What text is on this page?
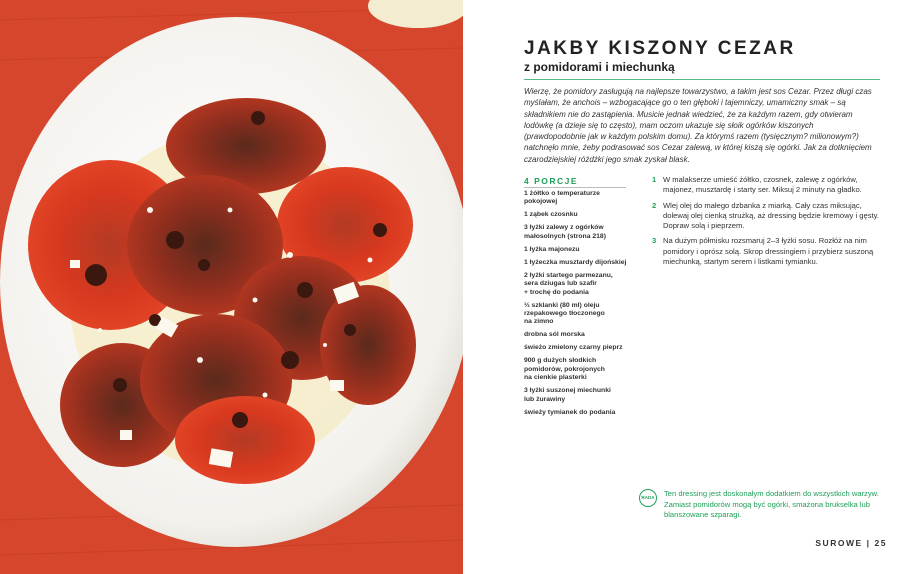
JAKBY KISZONY CEZAR
z pomidorami i miechunką

Wierzę, że pomidory zasługują na najlepsze towarzystwo, a takim jest sos Cezar. Przez długi czas myślałam, że anchois – wzbogacające go o ten głęboki i tajemniczy, umamiczny smak – są składnikiem nie do zastąpienia. Musicie jednak wiedzieć, że za każdym razem, gdy otwieram lodówkę (a dzieje się to często), mam oczom ukazuje się słoik ogórków kiszonych (prawdopodobnie jak w każdym polskim domu). Za którymś razem (tysięcznym? milionowym?) natchnęło mnie, żeby podrasować sos Cezar zalewą, w której kiszą się ogórki. Jak za dotknięciem czarodziejskiej różdżki jego smak zyskał blask.

4 PORCJE
1 żółtko o temperaturze
pokojowej
1 ząbek czosnku
3 łyżki zalewy z ogórków
małosolnych (strona 218)
1 łyżka majonezu
1 łyżeczka musztardy dijońskiej
2 łyżki startego parmezanu,
sera dziugas lub szafir
+ trochę do podania
⅓ szklanki (80 ml) oleju
rzepakowego tłoczonego
na zimno
drobna sól morska
świeżo zmielony czarny pieprz
900 g dużych słodkich
pomidorów, pokrojonych
na cienkie plasterki
3 łyżki suszonej miechunki
lub żurawiny
świeży tymianek do podania
1 W malakserze umieść żółtko, czosnek, zalewę z ogórków, majonez, musztardę i starty ser. Miksuj 2 minuty na gładko.
2 Wlej olej do małego dzbanka z miarką. Cały czas miksując, dolewaj olej cienką strużką, aż dressing będzie kremowy i gęsty. Dopraw solą i pieprzem.
3 Na dużym półmisku rozsmaruj 2–3 łyżki sosu. Rozłóż na nim pomidory i oprósz solą. Skrop dressingiem i przybierz suszoną miechunką, startym serem i listkami tymianku.
RADA	Ten dressing jest doskonałym dodatkiem do wszystkich warzyw. Zamiast pomidorów mogą być ogórki, smażona brukselka lub blanszowane szparagi.

SUROWE | 25
